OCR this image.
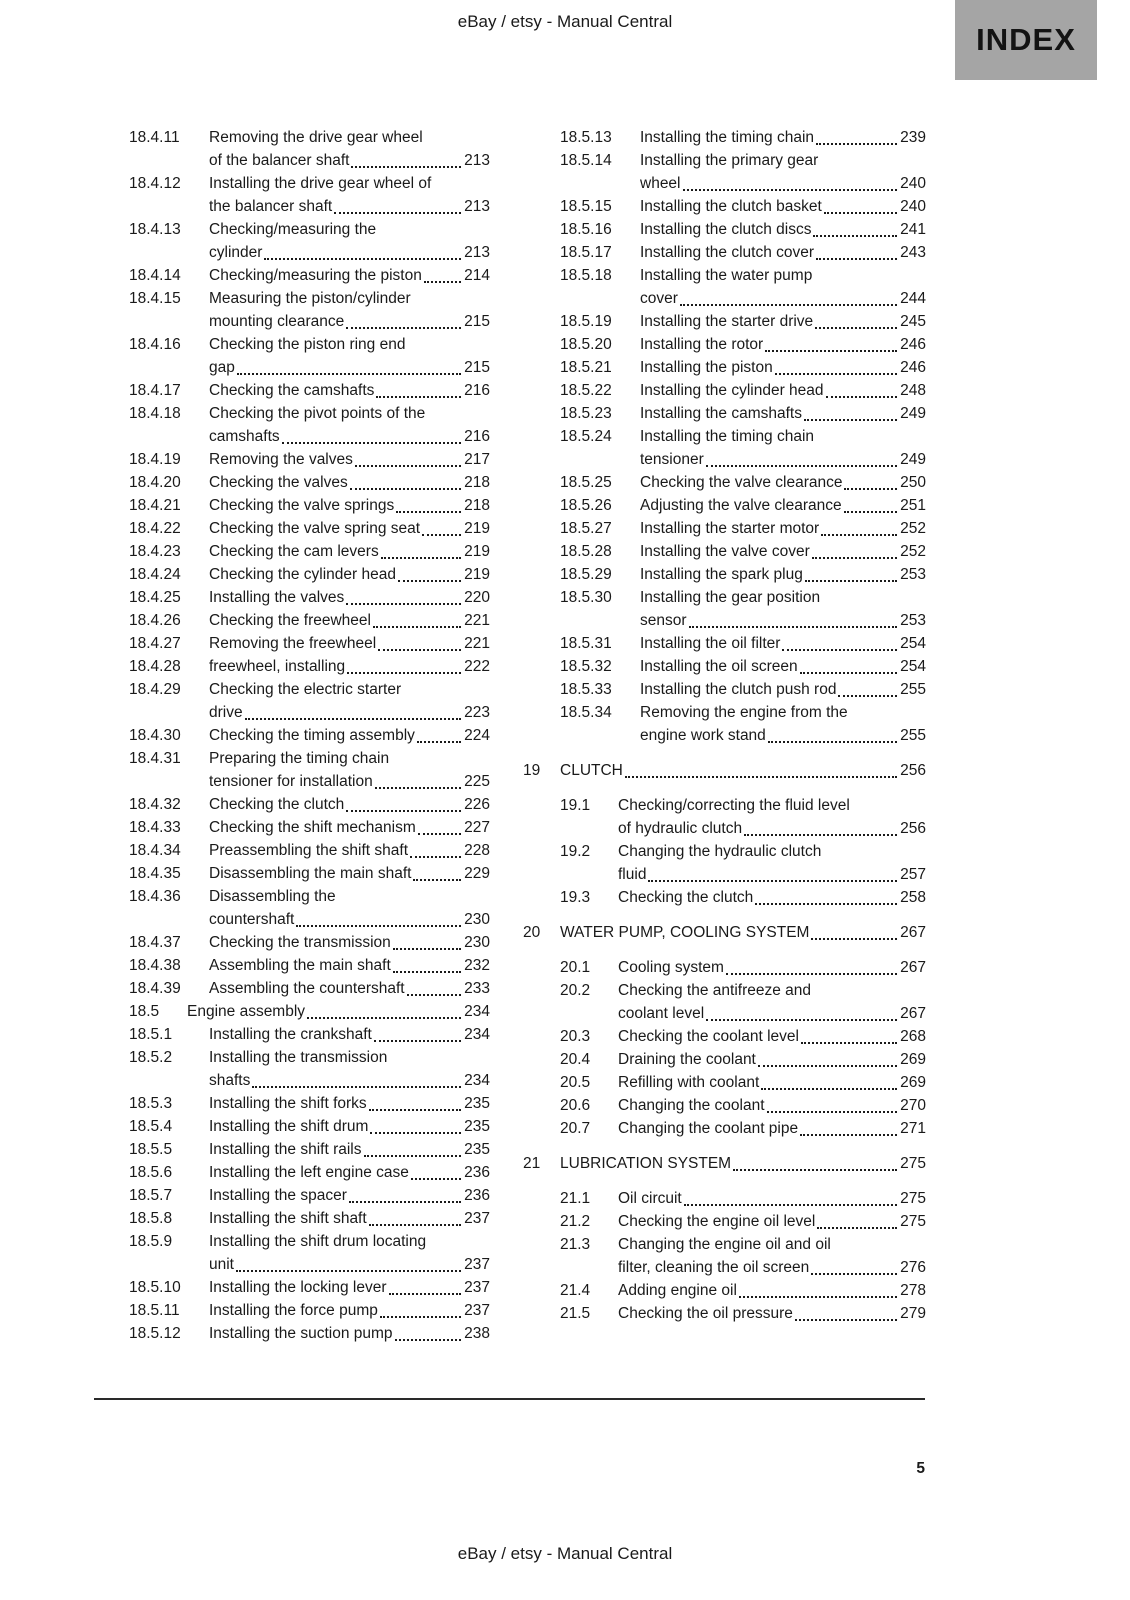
eBay / etsy - Manual Central
INDEX
18.4.11	Removing the drive gear wheel
of the balancer shaft	213
18.4.12	Installing the drive gear wheel of
the balancer shaft	213
18.4.13	Checking/measuring the
cylinder	213
18.4.14	Checking/measuring the piston	214
18.4.15	Measuring the piston/cylinder
mounting clearance	215
18.4.16	Checking the piston ring end
gap	215
18.4.17	Checking the camshafts	216
18.4.18	Checking the pivot points of the
camshafts	216
18.4.19	Removing the valves	217
18.4.20	Checking the valves	218
18.4.21	Checking the valve springs	218
18.4.22	Checking the valve spring seat	219
18.4.23	Checking the cam levers	219
18.4.24	Checking the cylinder head	219
18.4.25	Installing the valves	220
18.4.26	Checking the freewheel	221
18.4.27	Removing the freewheel	221
18.4.28	freewheel, installing	222
18.4.29	Checking the electric starter
drive	223
18.4.30	Checking the timing assembly	224
18.4.31	Preparing the timing chain
tensioner for installation	225
18.4.32	Checking the clutch	226
18.4.33	Checking the shift mechanism	227
18.4.34	Preassembling the shift shaft	228
18.4.35	Disassembling the main shaft	229
18.4.36	Disassembling the
countershaft	230
18.4.37	Checking the transmission	230
18.4.38	Assembling the main shaft	232
18.4.39	Assembling the countershaft	233
18.5	Engine assembly	234
18.5.1	Installing the crankshaft	234
18.5.2	Installing the transmission
shafts	234
18.5.3	Installing the shift forks	235
18.5.4	Installing the shift drum	235
18.5.5	Installing the shift rails	235
18.5.6	Installing the left engine case	236
18.5.7	Installing the spacer	236
18.5.8	Installing the shift shaft	237
18.5.9	Installing the shift drum locating
unit	237
18.5.10	Installing the locking lever	237
18.5.11	Installing the force pump	237
18.5.12	Installing the suction pump	238
18.5.13	Installing the timing chain	239
18.5.14	Installing the primary gear
wheel	240
18.5.15	Installing the clutch basket	240
18.5.16	Installing the clutch discs	241
18.5.17	Installing the clutch cover	243
18.5.18	Installing the water pump
cover	244
18.5.19	Installing the starter drive	245
18.5.20	Installing the rotor	246
18.5.21	Installing the piston	246
18.5.22	Installing the cylinder head	248
18.5.23	Installing the camshafts	249
18.5.24	Installing the timing chain
tensioner	249
18.5.25	Checking the valve clearance	250
18.5.26	Adjusting the valve clearance	251
18.5.27	Installing the starter motor	252
18.5.28	Installing the valve cover	252
18.5.29	Installing the spark plug	253
18.5.30	Installing the gear position
sensor	253
18.5.31	Installing the oil filter	254
18.5.32	Installing the oil screen	254
18.5.33	Installing the clutch push rod	255
18.5.34	Removing the engine from the
engine work stand	255
19	CLUTCH	256
19.1	Checking/correcting the fluid level
of hydraulic clutch	256
19.2	Changing the hydraulic clutch
fluid	257
19.3	Checking the clutch	258
20	WATER PUMP, COOLING SYSTEM	267
20.1	Cooling system	267
20.2	Checking the antifreeze and
coolant level	267
20.3	Checking the coolant level	268
20.4	Draining the coolant	269
20.5	Refilling with coolant	269
20.6	Changing the coolant	270
20.7	Changing the coolant pipe	271
21	LUBRICATION SYSTEM	275
21.1	Oil circuit	275
21.2	Checking the engine oil level	275
21.3	Changing the engine oil and oil
filter, cleaning the oil screen	276
21.4	Adding engine oil	278
21.5	Checking the oil pressure	279
5
eBay / etsy - Manual Central
